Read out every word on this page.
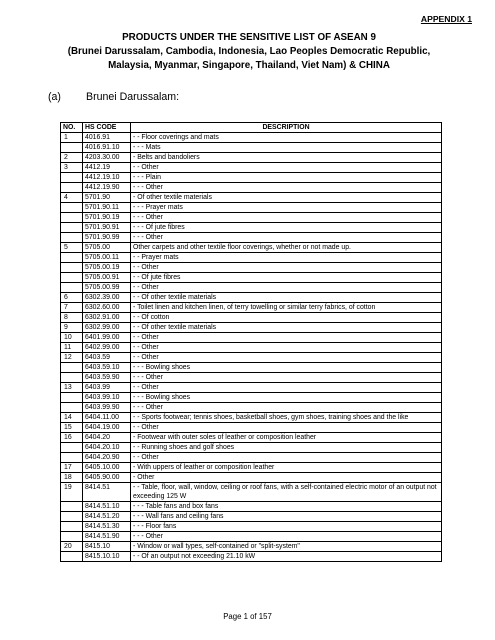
APPENDIX 1
PRODUCTS UNDER THE SENSITIVE LIST OF ASEAN 9
(Brunei Darussalam, Cambodia, Indonesia, Lao Peoples Democratic Republic,
Malaysia, Myanmar, Singapore, Thailand, Viet Nam) & CHINA
(a) Brunei Darussalam:
NO.	HS CODE	DESCRIPTION
1	4016.91	- - Floor coverings and mats
	4016.91.10	- - - Mats
2	4203.30.00	- Belts and bandoliers
3	4412.19	- - Other
	4412.19.10	- - - Plain
	4412.19.90	- - - Other
4	5701.90	- Of other textile materials
	5701.90.11	- - - Prayer mats
	5701.90.19	- - - Other
	5701.90.91	- - - Of jute fibres
	5701.90.99	- - - Other
5	5705.00	Other carpets and other textile floor coverings, whether or not made up.
	5705.00.11	- - Prayer mats
	5705.00.19	- - Other
	5705.00.91	- - Of jute fibres
	5705.00.99	- - Other
6	6302.39.00	- - Of other textile materials
7	6302.60.00	- Toilet linen and kitchen linen, of terry towelling or similar terry fabrics, of cotton
8	6302.91.00	- - Of cotton
9	6302.99.00	- - Of other textile materials
10	6401.99.00	- - Other
11	6402.99.00	- - Other
12	6403.59	- - Other
	6403.59.10	- - - Bowling shoes
	6403.59.90	- - - Other
13	6403.99	- - Other
	6403.99.10	- - - Bowling shoes
	6403.99.90	- - - Other
14	6404.11.00	- - Sports footwear; tennis shoes, basketball shoes, gym shoes, training shoes and the like
15	6404.19.00	- - Other
16	6404.20	- Footwear with outer soles of leather or composition leather
	6404.20.10	- - Running shoes and golf shoes
	6404.20.90	- - Other
17	6405.10.00	- With uppers of leather or composition leather
18	6405.90.00	- Other
19	8414.51	- - Table, floor, wall, window, ceiling or roof fans, with a self-contained electric motor of an output not exceeding 125 W
	8414.51.10	- - - Table fans and box fans
	8414.51.20	- - - Wall fans and ceiling fans
	8414.51.30	- - - Floor fans
	8414.51.90	- - - Other
20	8415.10	- Window or wall types, self-contained or "split-system"
	8415.10.10	- - Of an output not exceeding 21.10 kW
Page 1 of 157
